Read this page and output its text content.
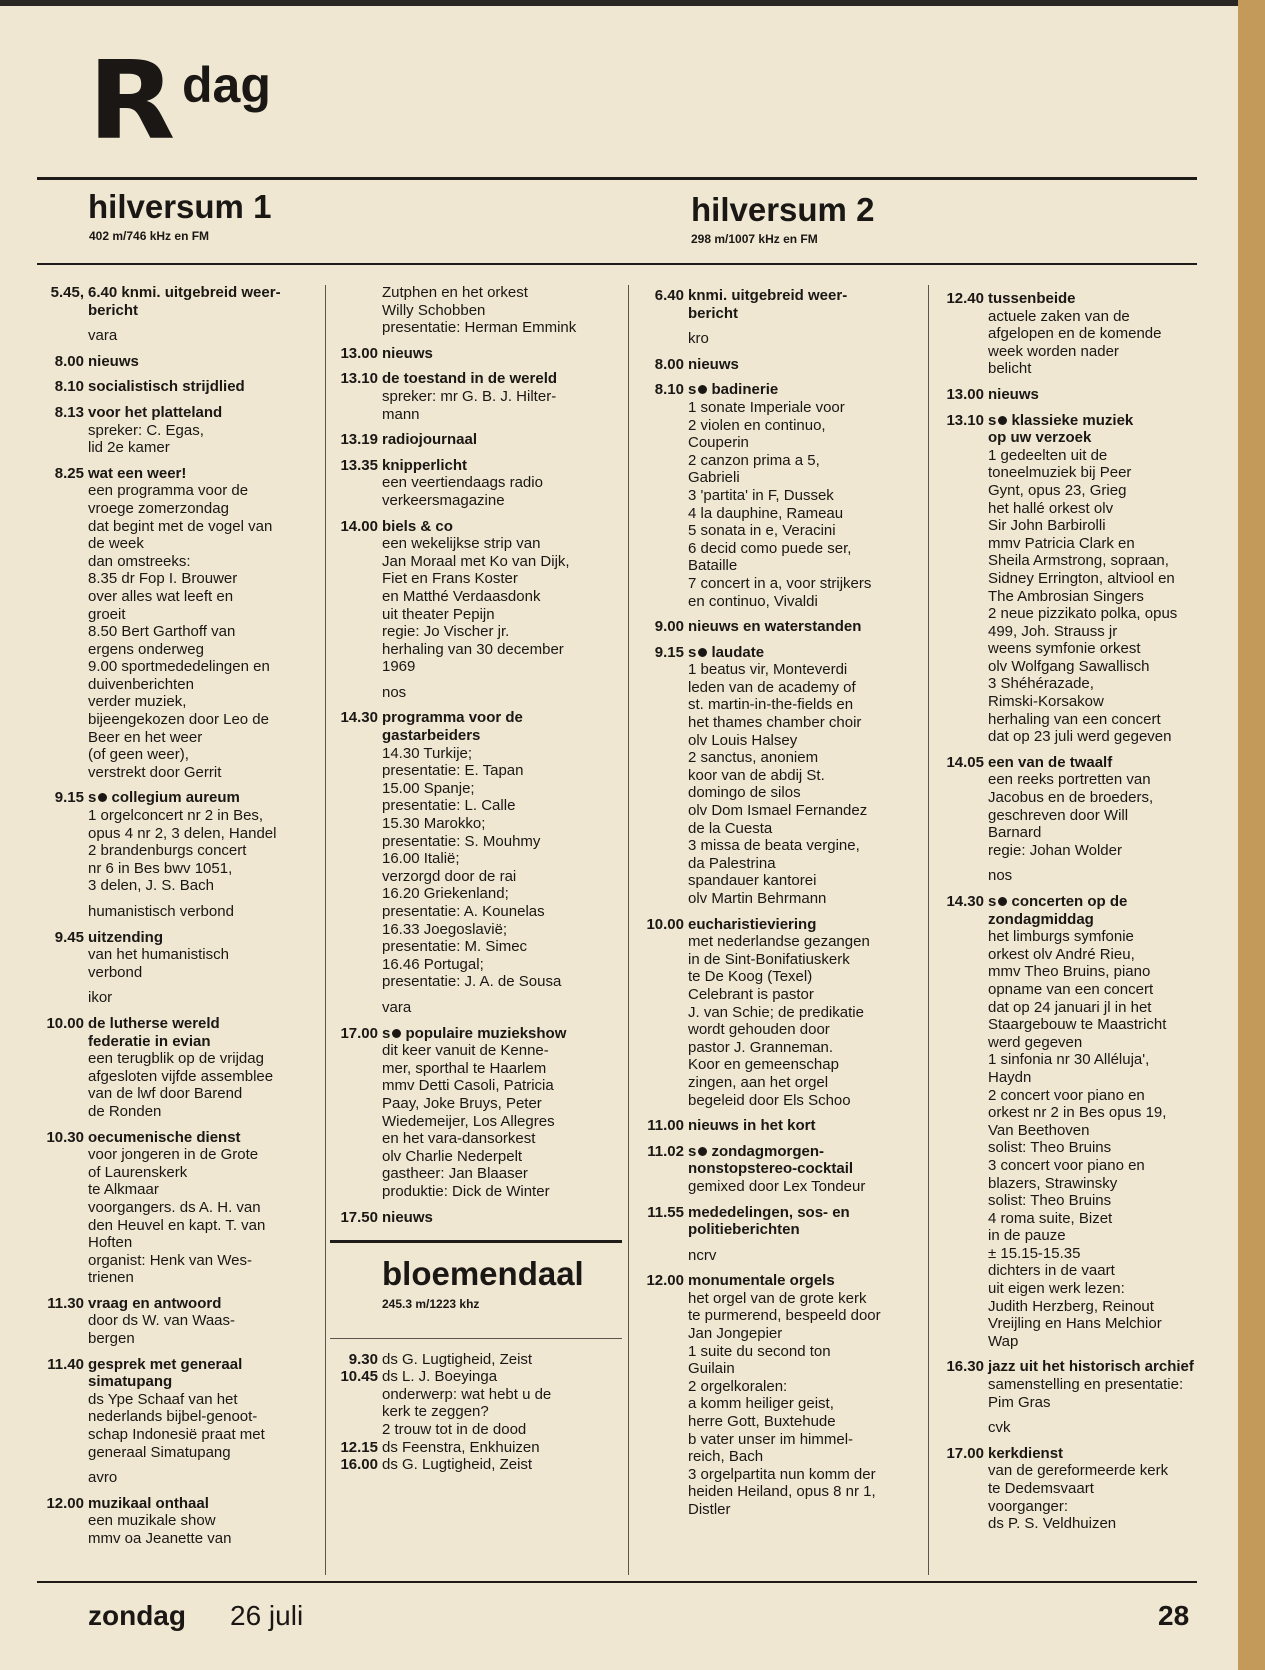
R dag
hilversum 1
402 m/746 kHz en FM
hilversum 2
298 m/1007 kHz en FM
5.45, 6.40 knmi. uitgebreid weer-
bericht
vara
8.00 nieuws
8.10 socialistisch strijdlied
8.13 voor het platteland
spreker: C. Egas,
lid 2e kamer
8.25 wat een weer!
een programma voor de
vroege zomerzondag
dat begint met de vogel van
de week
dan omstreeks:
8.35 dr Fop I. Brouwer
over alles wat leeft en
groeit
8.50 Bert Garthoff van
ergens onderweg
9.00 sportmededelingen en
duivenberichten
verder muziek,
bijeengekozen door Leo de
Beer en het weer
(of geen weer),
verstrekt door Gerrit
9.15 s collegium aureum
1 orgelconcert nr 2 in Bes,
opus 4 nr 2, 3 delen, Handel
2 brandenburgs concert
nr 6 in Bes bwv 1051,
3 delen, J. S. Bach
humanistisch verbond
9.45 uitzending
van het humanistisch
verbond
ikor
10.00 de lutherse wereld
federatie in evian
een terugblik op de vrijdag
afgesloten vijfde assemblee
van de lwf door Barend
de Ronden
10.30 oecumenische dienst
voor jongeren in de Grote
of Laurenskerk
te Alkmaar
voorgangers. ds A. H. van
den Heuvel en kapt. T. van
Hoften
organist: Henk van Wes-
trienen
11.30 vraag en antwoord
door ds W. van Waas-
bergen
11.40 gesprek met generaal
simatupang
ds Ype Schaaf van het
nederlands bijbel-genoot-
schap Indonesië praat met
generaal Simatupang
avro
12.00 muzikaal onthaal
een muzikale show
mmv oa Jeanette van
Zutphen en het orkest
Willy Schobben
presentatie: Herman Emmink
13.00 nieuws
13.10 de toestand in de wereld
spreker: mr G. B. J. Hilter-
mann
13.19 radiojournaal
13.35 knipperlicht
een veertiendaags radio
verkeersmagazine
14.00 biels & co
een wekelijkse strip van
Jan Moraal met Ko van Dijk,
Fiet en Frans Koster
en Matthé Verdaasdonk
uit theater Pepijn
regie: Jo Vischer jr.
herhaling van 30 december
1969
nos
14.30 programma voor de
gastarbeiders
14.30 Turkije;
presentatie: E. Tapan
15.00 Spanje;
presentatie: L. Calle
15.30 Marokko;
presentatie: S. Mouhmy
16.00 Italië;
verzorgd door de rai
16.20 Griekenland;
presentatie: A. Kounelas
16.33 Joegoslavië;
presentatie: M. Simec
16.46 Portugal;
presentatie: J. A. de Sousa
vara
17.00 s populaire muziekshow
dit keer vanuit de Kenne-
mer, sporthal te Haarlem
mmv Detti Casoli, Patricia
Paay, Joke Bruys, Peter
Wiedemeijer, Los Allegres
en het vara-dansorkest
olv Charlie Nederpelt
gastheer: Jan Blaaser
produktie: Dick de Winter
17.50 nieuws
bloemendaal
245.3 m/1223 khz
9.30 ds G. Lugtigheid, Zeist
10.45 ds L. J. Boeyinga
onderwerp: wat hebt u de
kerk te zeggen?
2 trouw tot in de dood
12.15 ds Feenstra, Enkhuizen
16.00 ds G. Lugtigheid, Zeist
6.40 knmi. uitgebreid weer-
bericht
kro
8.00 nieuws
8.10 s badinerie
1 sonate Imperiale voor
2 violen en continuo,
Couperin
2 canzon prima a 5,
Gabrieli
3 'partita' in F, Dussek
4 la dauphine, Rameau
5 sonata in e, Veracini
6 decid como puede ser,
Bataille
7 concert in a, voor strijkers
en continuo, Vivaldi
9.00 nieuws en waterstanden
9.15 s laudate
1 beatus vir, Monteverdi
leden van de academy of
st. martin-in-the-fields en
het thames chamber choir
olv Louis Halsey
2 sanctus, anoniem
koor van de abdij St.
domingo de silos
olv Dom Ismael Fernandez
de la Cuesta
3 missa de beata vergine,
da Palestrina
spandauer kantorei
olv Martin Behrmann
10.00 eucharistieviering
met nederlandse gezangen
in de Sint-Bonifatiuskerk
te De Koog (Texel)
Celebrant is pastor
J. van Schie; de predikatie
wordt gehouden door
pastor J. Granneman.
Koor en gemeenschap
zingen, aan het orgel
begeleid door Els Schoo
11.00 nieuws in het kort
11.02 s zondagmorgen-
nonstopstereo-cocktail
gemixed door Lex Tondeur
11.55 mededelingen, sos- en
politieberichten
ncrv
12.00 monumentale orgels
het orgel van de grote kerk
te purmerend, bespeeld door
Jan Jongepier
1 suite du second ton
Guilain
2 orgelkoralen:
a komm heiliger geist,
herre Gott, Buxtehude
b vater unser im himmel-
reich, Bach
3 orgelpartita nun komm der
heiden Heiland, opus 8 nr 1,
Distler
12.40 tussenbeide
actuele zaken van de
afgelopen en de komende
week worden nader
belicht
13.00 nieuws
13.10 s klassieke muziek
op uw verzoek
1 gedeelten uit de
toneelmuziek bij Peer
Gynt, opus 23, Grieg
het hallé orkest olv
Sir John Barbirolli
mmv Patricia Clark en
Sheila Armstrong, sopraan,
Sidney Errington, altviool en
The Ambrosian Singers
2 neue pizzikato polka, opus
499, Joh. Strauss jr
weens symfonie orkest
olv Wolfgang Sawallisch
3 Shéhérazade,
Rimski-Korsakow
herhaling van een concert
dat op 23 juli werd gegeven
14.05 een van de twaalf
een reeks portretten van
Jacobus en de broeders,
geschreven door Will
Barnard
regie: Johan Wolder
nos
14.30 s concerten op de
zondagmiddag
het limburgs symfonie
orkest olv André Rieu,
mmv Theo Bruins, piano
opname van een concert
dat op 24 januari jl in het
Staargebouw te Maastricht
werd gegeven
1 sinfonia nr 30 Alléluja',
Haydn
2 concert voor piano en
orkest nr 2 in Bes opus 19,
Van Beethoven
solist: Theo Bruins
3 concert voor piano en
blazers, Strawinsky
solist: Theo Bruins
4 roma suite, Bizet
in de pauze
± 15.15-15.35
dichters in de vaart
uit eigen werk lezen:
Judith Herzberg, Reinout
Vreijling en Hans Melchior
Wap
16.30 jazz uit het historisch archief
samenstelling en presentatie:
Pim Gras
cvk
17.00 kerkdienst
van de gereformeerde kerk
te Dedemsvaart
voorganger:
ds P. S. Veldhuizen
zondag 26 juli	28
